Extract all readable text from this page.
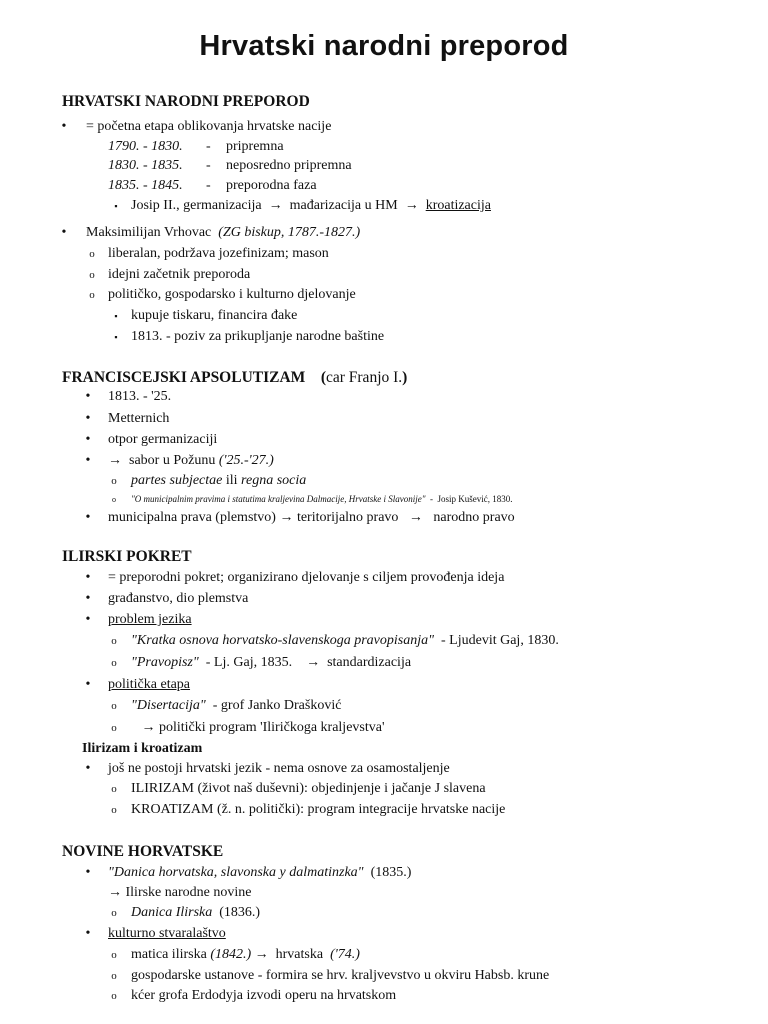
Hrvatski narodni preporod
HRVATSKI NARODNI PREPOROD
•	= početna etapa oblikovanja hrvatske nacije
1790. - 1830. - pripremna
1830. - 1835. - neposredno pripremna
1835. - 1845. - preporodna faza
▪ Josip II., germanizacija → mađarizacija u HM → kroatizacija
•	Maksimilijan Vrhovac (ZG biskup, 1787.-1827.)
o liberalan, podržava jozefinizam; mason
o idejni začetnik preporoda
o političko, gospodarsko i kulturno djelovanje
▪ kupuje tiskaru, financira đake
▪ 1813. - poziv za prikupljanje narodne baštine
FRANCISCEJSKI APSOLUTIZAM (car Franjo I.)
•	1813. - '25.
•	Metternich
•	otpor germanizaciji
•	→ sabor u Požunu ('25.-'27.)
o	partes subjectae ili regna socia
o	"O municipalnim pravima i statutima kraljevina Dalmacije, Hrvatske i Slavonije" - Josip Kušević, 1830.
•	municipalna prava (plemstvo) → teritorijalno pravo → narodno pravo
ILIRSKI POKRET
•	= preporodni pokret; organizirano djelovanje s ciljem provođenja ideja
•	građanstvo, dio plemstva
•	problem jezika
o	"Kratka osnova horvatsko-slavenskoga pravopisanja" - Ljudevit Gaj, 1830.
o	"Pravopisz" - Lj. Gaj, 1835. → standardizacija
•	politička etapa
o	"Disertacija" - grof Janko Drašković
o	→ politički program 'Iliričkoga kraljevstva'
Ilirizam i kroatizam
•	još ne postoji hrvatski jezik - nema osnove za osamostaljenje
o	ILIRIZAM (život naš duševni): objedinjenje i jačanje J slavena
o	KROATIZAM (ž. n. politički): program integracije hrvatske nacije
NOVINE HORVATSKE
•	"Danica horvatska, slavonska y dalmatinzka" (1835.)
→ Ilirske narodne novine
o	Danica Ilirska (1836.)
•	kulturno stvaralaštvo
o	matica ilirska (1842.) → hrvatska ('74.)
o	gospodarske ustanove - formira se hrv. kraljvevstvo u okviru Habsb. krune
o	kćer grofa Erdodyja izvodi operu na hrvatskom
